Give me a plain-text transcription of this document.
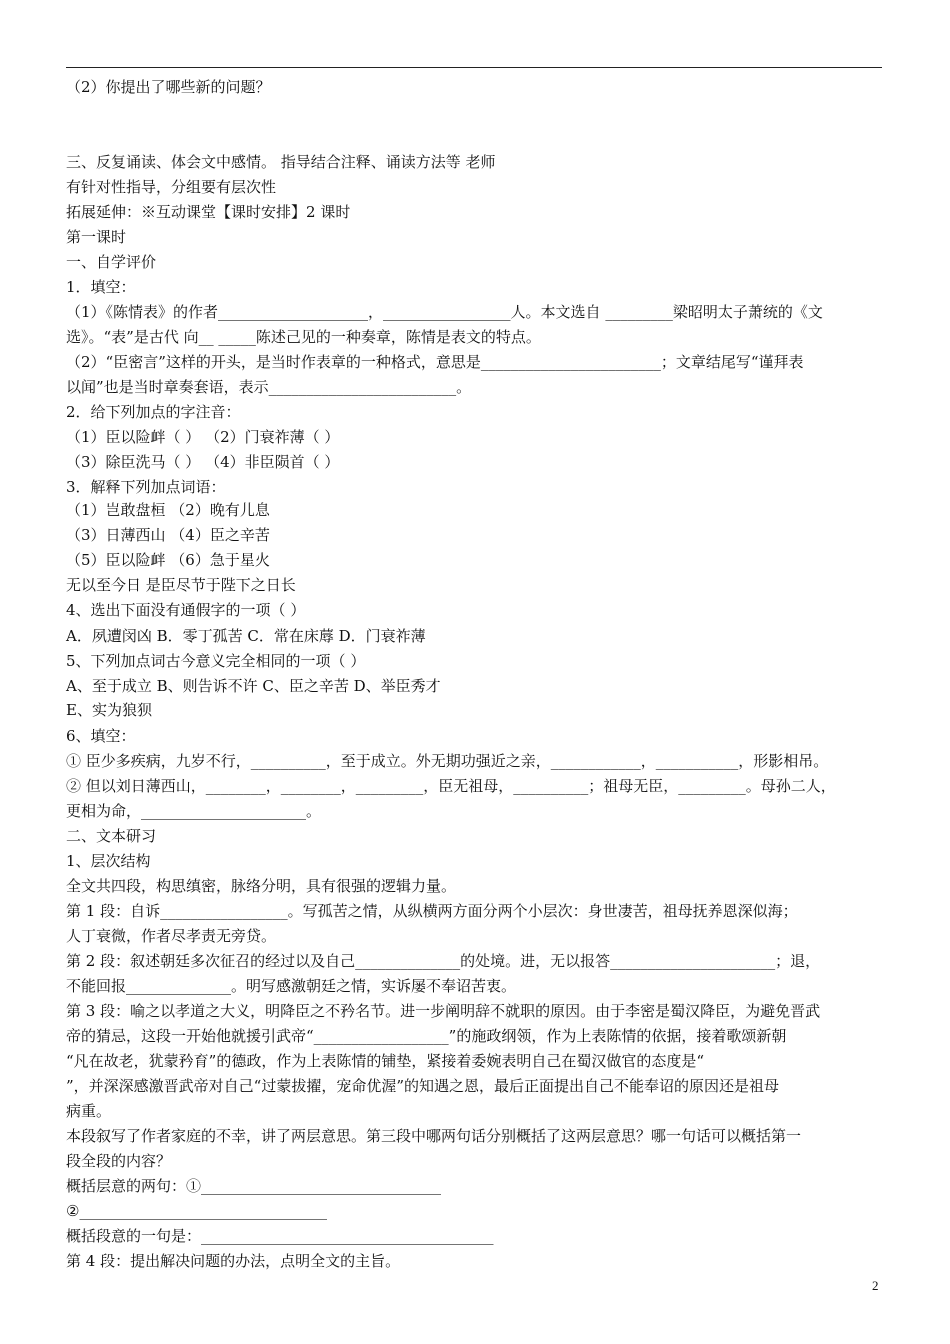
（2）你提出了哪些新的问题？
三、反复诵读、体会文中感情。 指导结合注释、诵读方法等 老师
有针对性指导，分组要有层次性
拓展延伸：※互动课堂【课时安排】2 课时
第一课时
一、自学评价
1．填空：
（1）《陈情表》的作者____________________，_________________人。本文选自 _________梁昭明太子萧统的《文
选》。“表”是古代 向__ _____陈述己见的一种奏章，陈情是表文的特点。
（2）“臣密言”这样的开头，是当时作表章的一种格式，意思是________________________；文章结尾写“谨拜表
以闻”也是当时章奏套语，表示_________________________。
2．给下列加点的字注音：
（1）臣以险衅（ ） （2）门衰祚薄（ ）
（3）除臣洗马（ ） （4）非臣陨首（ ）
3．解释下列加点词语：
（1）岂敢盘桓 （2）晚有儿息
（3）日薄西山 （4）臣之辛苦
（5）臣以险衅 （6）急于星火
无以至今日 是臣尽节于陛下之日长
4、选出下面没有通假字的一项（ ）
A．夙遭闵凶 B．零丁孤苦 C．常在床蓐 D．门衰祚薄
5、下列加点词古今意义完全相同的一项（ ）
A、至于成立 B、则告诉不许 C、臣之辛苦 D、举臣秀才
E、实为狼狈
6、填空：
① 臣少多疾病，九岁不行，__________，至于成立。外无期功强近之亲，____________，___________，形影相吊。
② 但以刘日薄西山，________，________，_________，臣无祖母，__________；祖母无臣，_________。母孙二人，
更相为命，______________________。
二、文本研习
1、层次结构
全文共四段，构思缜密，脉络分明，具有很强的逻辑力量。
第 1 段：自诉_________________。写孤苦之情，从纵横两方面分两个小层次：身世凄苦，祖母抚养恩深似海；
人丁衰微，作者尽孝责无旁贷。
第 2 段：叙述朝廷多次征召的经过以及自己______________的处境。进，无以报答______________________；退，
不能回报______________。明写感激朝廷之情，实诉屡不奉诏苦衷。
第 3 段：喻之以孝道之大义，明降臣之不矜名节。进一步阐明辞不就职的原因。由于李密是蜀汉降臣，为避免晋武
帝的猜忌，这段一开始他就援引武帝“__________________”的施政纲领，作为上表陈情的依据，接着歌颂新朝
“凡在故老，犹蒙矜育”的德政，作为上表陈情的铺垫，紧接着委婉表明自己在蜀汉做官的态度是“
”，并深深感激晋武帝对自己“过蒙拔擢，宠命优渥”的知遇之恩，最后正面提出自己不能奉诏的原因还是祖母
病重。
本段叙写了作者家庭的不幸，讲了两层意思。第三段中哪两句话分别概括了这两层意思？哪一句话可以概括第一
段全段的内容？
概括层意的两句：①________________________________
②_________________________________
概括段意的一句是：_______________________________________
第 4 段：提出解决问题的办法，点明全文的主旨。
2
